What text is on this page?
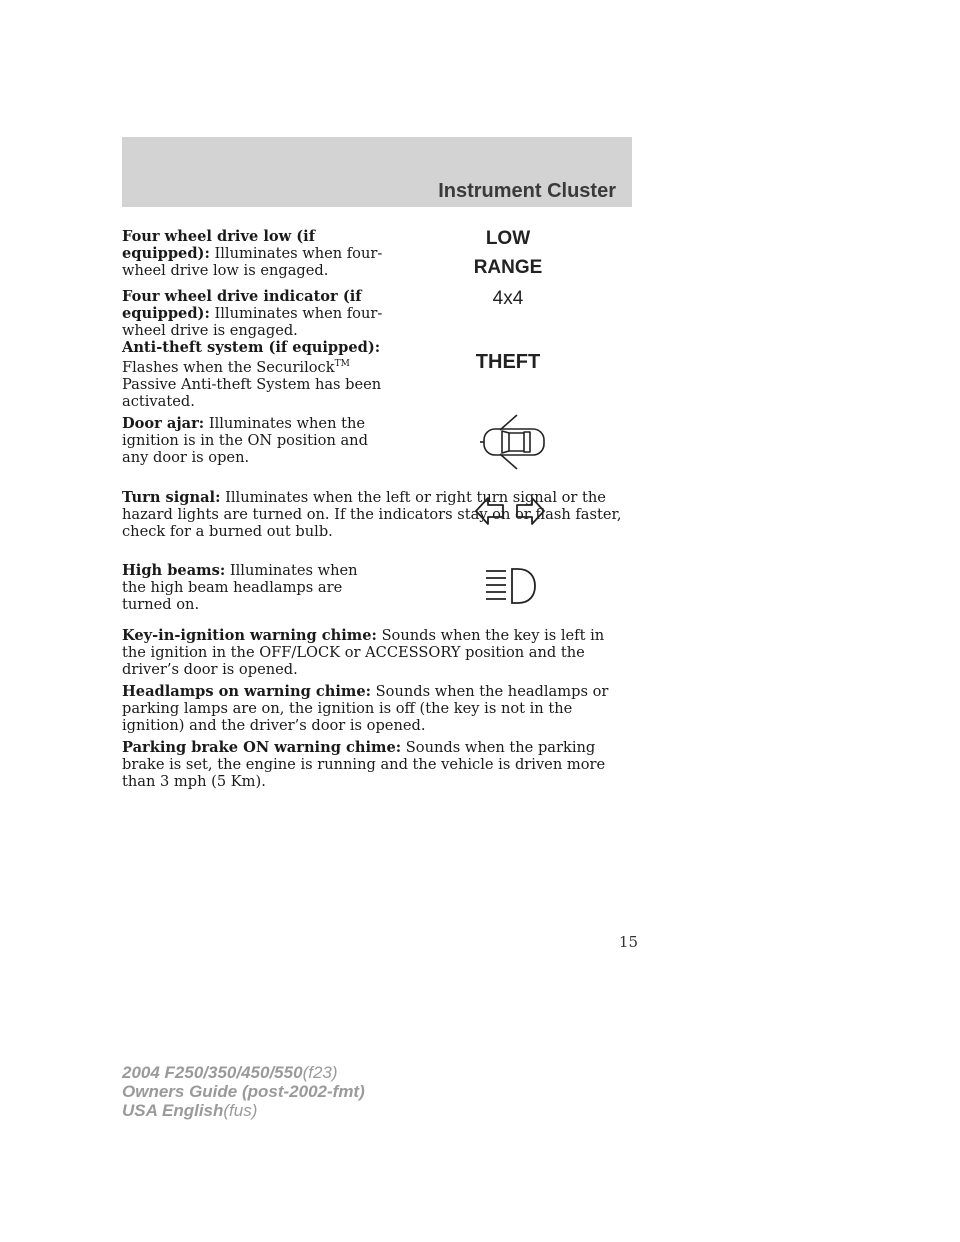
Instrument Cluster

Four wheel drive low (if equipped): Illuminates when four-wheel drive low is engaged.

LOW
RANGE

Four wheel drive indicator (if equipped): Illuminates when four-wheel drive is engaged.

4x4

Anti-theft system (if equipped): Flashes when the Securilock™ Passive Anti-theft System has been activated.

THEFT

Door ajar: Illuminates when the ignition is in the ON position and any door is open.

Turn signal: Illuminates when the left or right turn signal or the hazard lights are turned on. If the indicators stay on or flash faster, check for a burned out bulb.

High beams: Illuminates when the high beam headlamps are turned on.

Key-in-ignition warning chime: Sounds when the key is left in the ignition in the OFF/LOCK or ACCESSORY position and the driver’s door is opened.

Headlamps on warning chime: Sounds when the headlamps or parking lamps are on, the ignition is off (the key is not in the ignition) and the driver’s door is opened.

Parking brake ON warning chime: Sounds when the parking brake is set, the engine is running and the vehicle is driven more than 3 mph (5 Km).

15
2004 F250/350/450/550(f23)
Owners Guide (post-2002-fmt)
USA English(fus)
